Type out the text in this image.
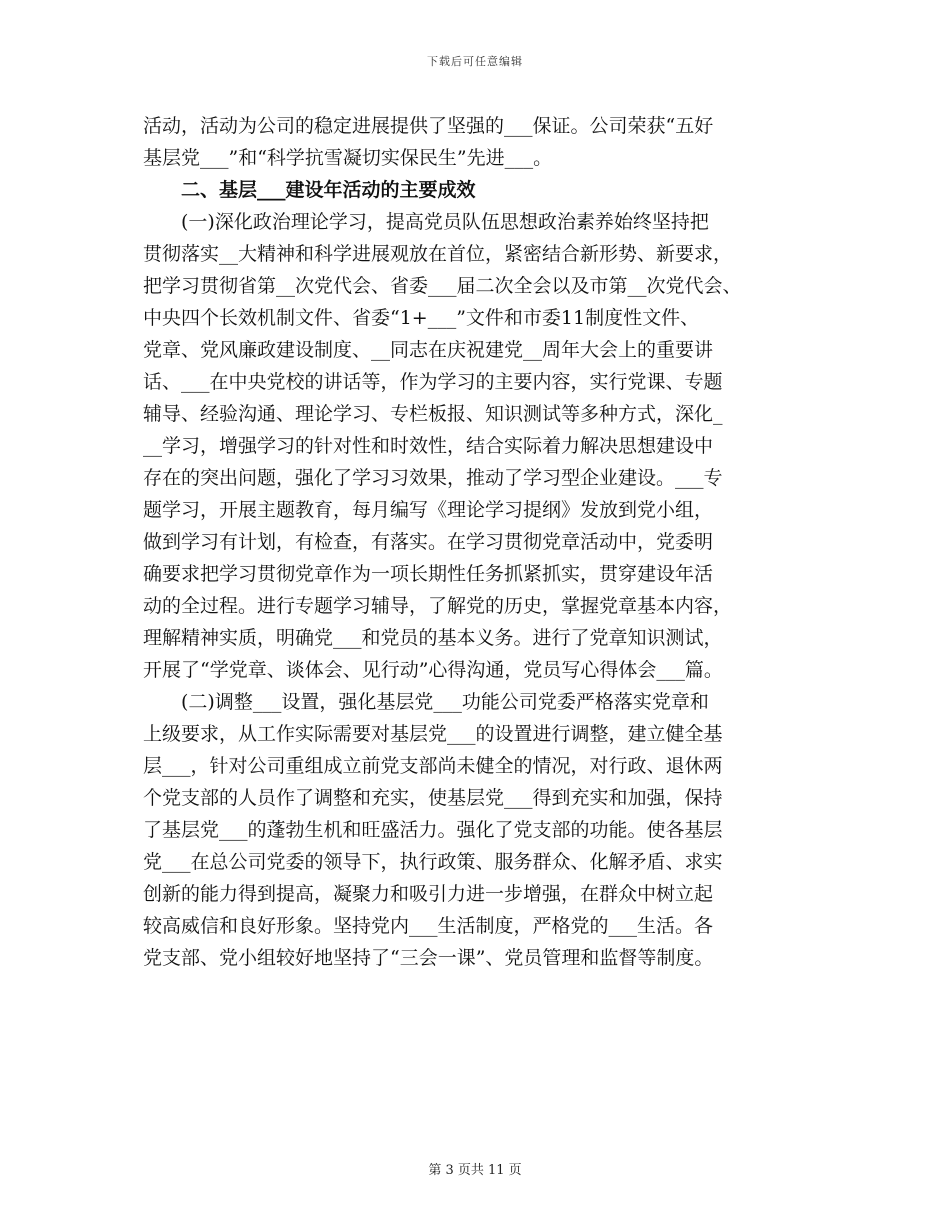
下载后可任意编辑
活动，活动为公司的稳定进展提供了坚强的___保证。公司荣获“五好
基层党___”和“科学抗雪凝切实保民生”先进___。
二、基层___建设年活动的主要成效
(一)深化政治理论学习，提高党员队伍思想政治素养始终坚持把
贯彻落实__大精神和科学进展观放在首位，紧密结合新形势、新要求，
把学习贯彻省第__次党代会、省委___届二次全会以及市第__次党代会、
中央四个长效机制文件、省委“1+___”文件和市委11制度性文件、
党章、党风廉政建设制度、__同志在庆祝建党__周年大会上的重要讲
话、___在中央党校的讲话等，作为学习的主要内容，实行党课、专题
辅导、经验沟通、理论学习、专栏板报、知识测试等多种方式，深化_
__学习，增强学习的针对性和时效性，结合实际着力解决思想建设中
存在的突出问题，强化了学习习效果，推动了学习型企业建设。___专
题学习，开展主题教育，每月编写《理论学习提纲》发放到党小组，
做到学习有计划，有检查，有落实。在学习贯彻党章活动中，党委明
确要求把学习贯彻党章作为一项长期性任务抓紧抓实，贯穿建设年活
动的全过程。进行专题学习辅导，了解党的历史，掌握党章基本内容，
理解精神实质，明确党___和党员的基本义务。进行了党章知识测试，
开展了“学党章、谈体会、见行动”心得沟通，党员写心得体会___篇。
(二)调整___设置，强化基层党___功能公司党委严格落实党章和
上级要求，从工作实际需要对基层党___的设置进行调整，建立健全基
层___，针对公司重组成立前党支部尚未健全的情况，对行政、退休两
个党支部的人员作了调整和充实，使基层党___得到充实和加强，保持
了基层党___的蓬勃生机和旺盛活力。强化了党支部的功能。使各基层
党___在总公司党委的领导下，执行政策、服务群众、化解矛盾、求实
创新的能力得到提高，凝聚力和吸引力进一步增强，在群众中树立起
较高威信和良好形象。坚持党内___生活制度，严格党的___生活。各
党支部、党小组较好地坚持了“三会一课”、党员管理和监督等制度。
第 3 页共 11 页
